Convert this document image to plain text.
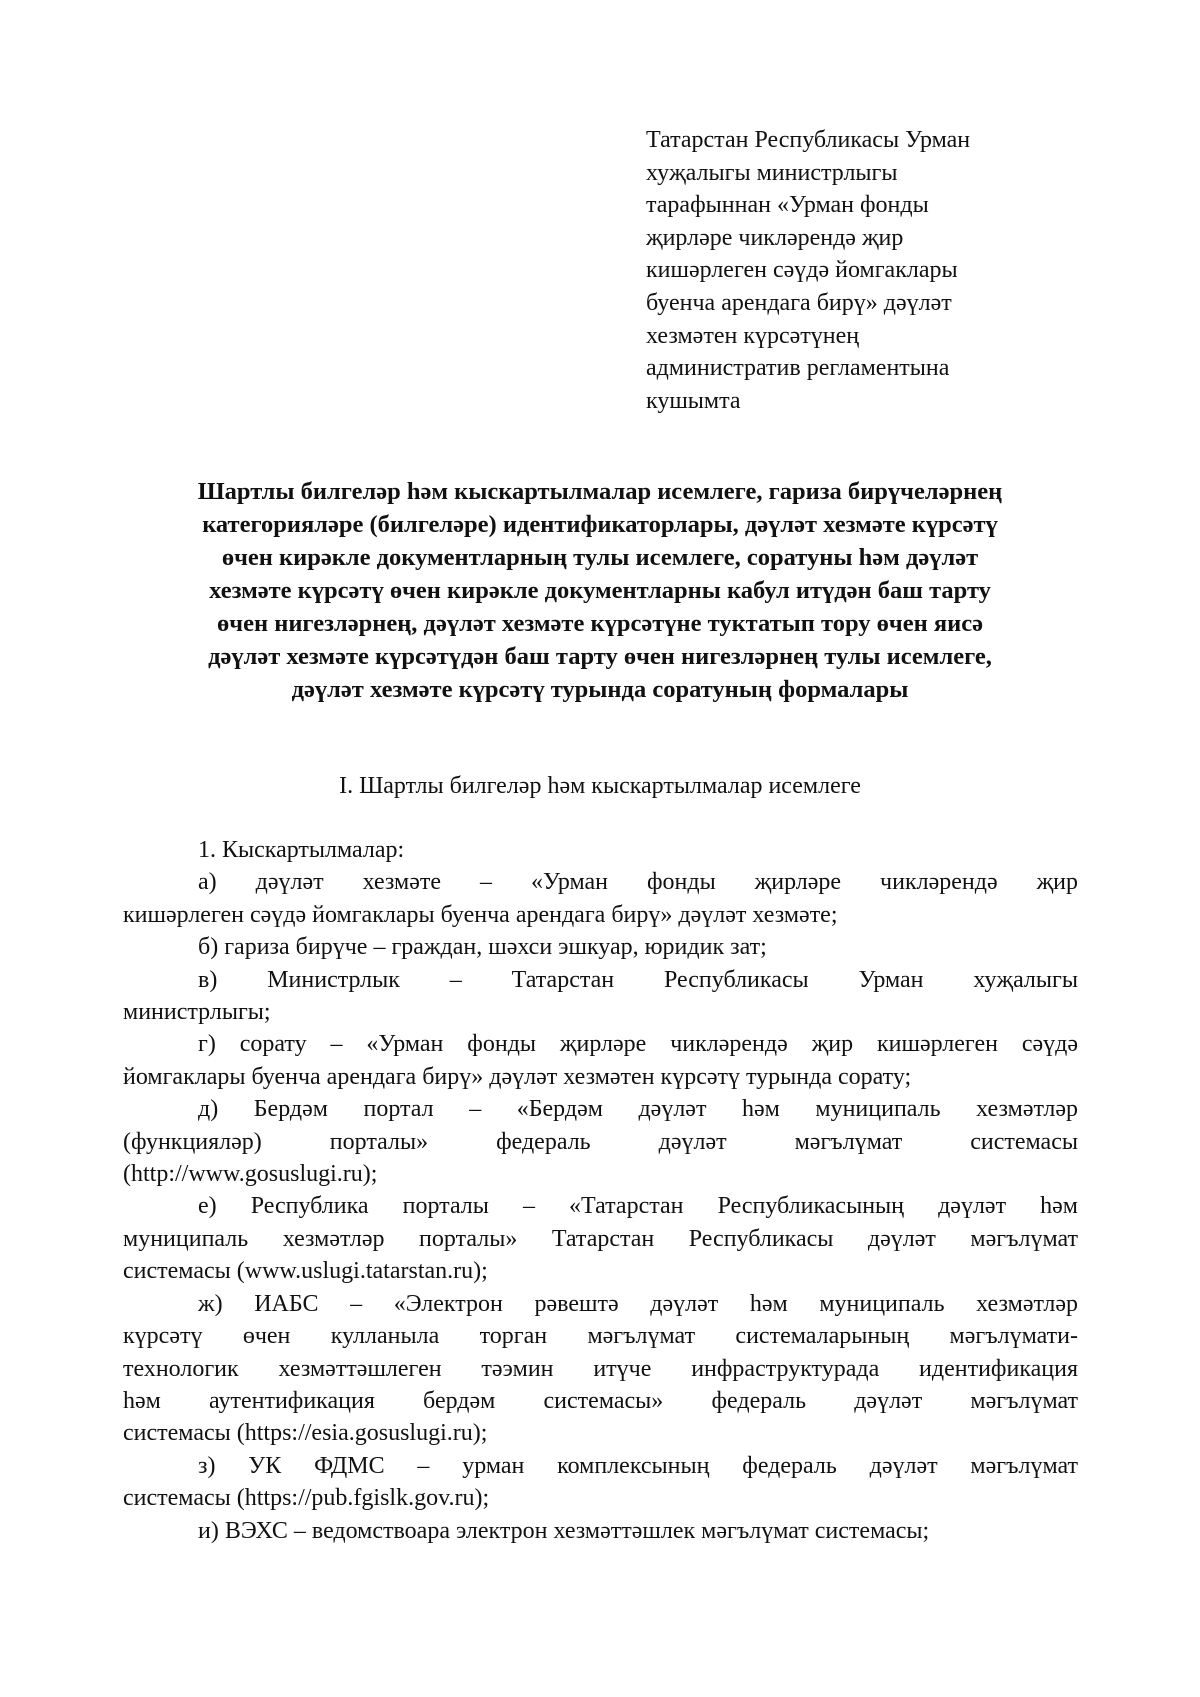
Татарстан Республикасы Урман
хуҗалыгы министрлыгы
тарафыннан «Урман фонды
җирләре чикләрендә җир
кишәрлеген сәүдә йомгаклары
буенча арендага бирү» дәүләт
хезмәтен күрсәтүнең
административ регламентына
кушымта
Шартлы билгеләр һәм кыскартылмалар исемлеге, гариза бирүчеләрнең
категорияләре (билгеләре) идентификаторлары, дәүләт хезмәте күрсәтү
өчен кирәкле документларның тулы исемлеге, соратуны һәм дәүләт
хезмәте күрсәтү өчен кирәкле документларны кабул итүдән баш тарту
өчен нигезләрнең, дәүләт хезмәте күрсәтүне туктатып тору өчен яисә
дәүләт хезмәте күрсәтүдән баш тарту өчен нигезләрнең тулы исемлеге,
дәүләт хезмәте күрсәтү турында соратуның формалары
I. Шартлы билгеләр һәм кыскартылмалар исемлеге
1. Кыскартылмалар:
а) дәүләт хезмәте – «Урман фонды җирләре чикләрендә җир
кишәрлеген сәүдә йомгаклары буенча арендага бирү» дәүләт хезмәте;
б) гариза бирүче – граждан, шәхси эшкуар, юридик зат;
в) Министрлык – Татарстан Республикасы Урман хуҗалыгы
министрлыгы;
г) сорату – «Урман фонды җирләре чикләрендә җир кишәрлеген сәүдә
йомгаклары буенча арендага бирү» дәүләт хезмәтен күрсәтү турында сорату;
д) Бердәм портал – «Бердәм дәүләт һәм муниципаль хезмәтләр
(функцияләр) порталы» федераль дәүләт мәгълүмат системасы
(http://www.gosuslugi.ru);
е) Республика порталы – «Татарстан Республикасының дәүләт һәм
муниципаль хезмәтләр порталы» Татарстан Республикасы дәүләт мәгълүмат
системасы (www.uslugi.tatarstan.ru);
ж) ИАБС – «Электрон рәвештә дәүләт һәм муниципаль хезмәтләр
күрсәтү өчен кулланыла торган мәгълүмат системаларының мәгълүмати-
технологик хезмәттәшлеген тәэмин итүче инфраструктурада идентификация
һәм аутентификация бердәм системасы» федераль дәүләт мәгълүмат
системасы (https://esia.gosuslugi.ru);
з) УК ФДМС – урман комплексының федераль дәүләт мәгълүмат
системасы (https://pub.fgislk.gov.ru);
и) ВЭХС – ведомствоара электрон хезмәттәшлек мәгълүмат системасы;
